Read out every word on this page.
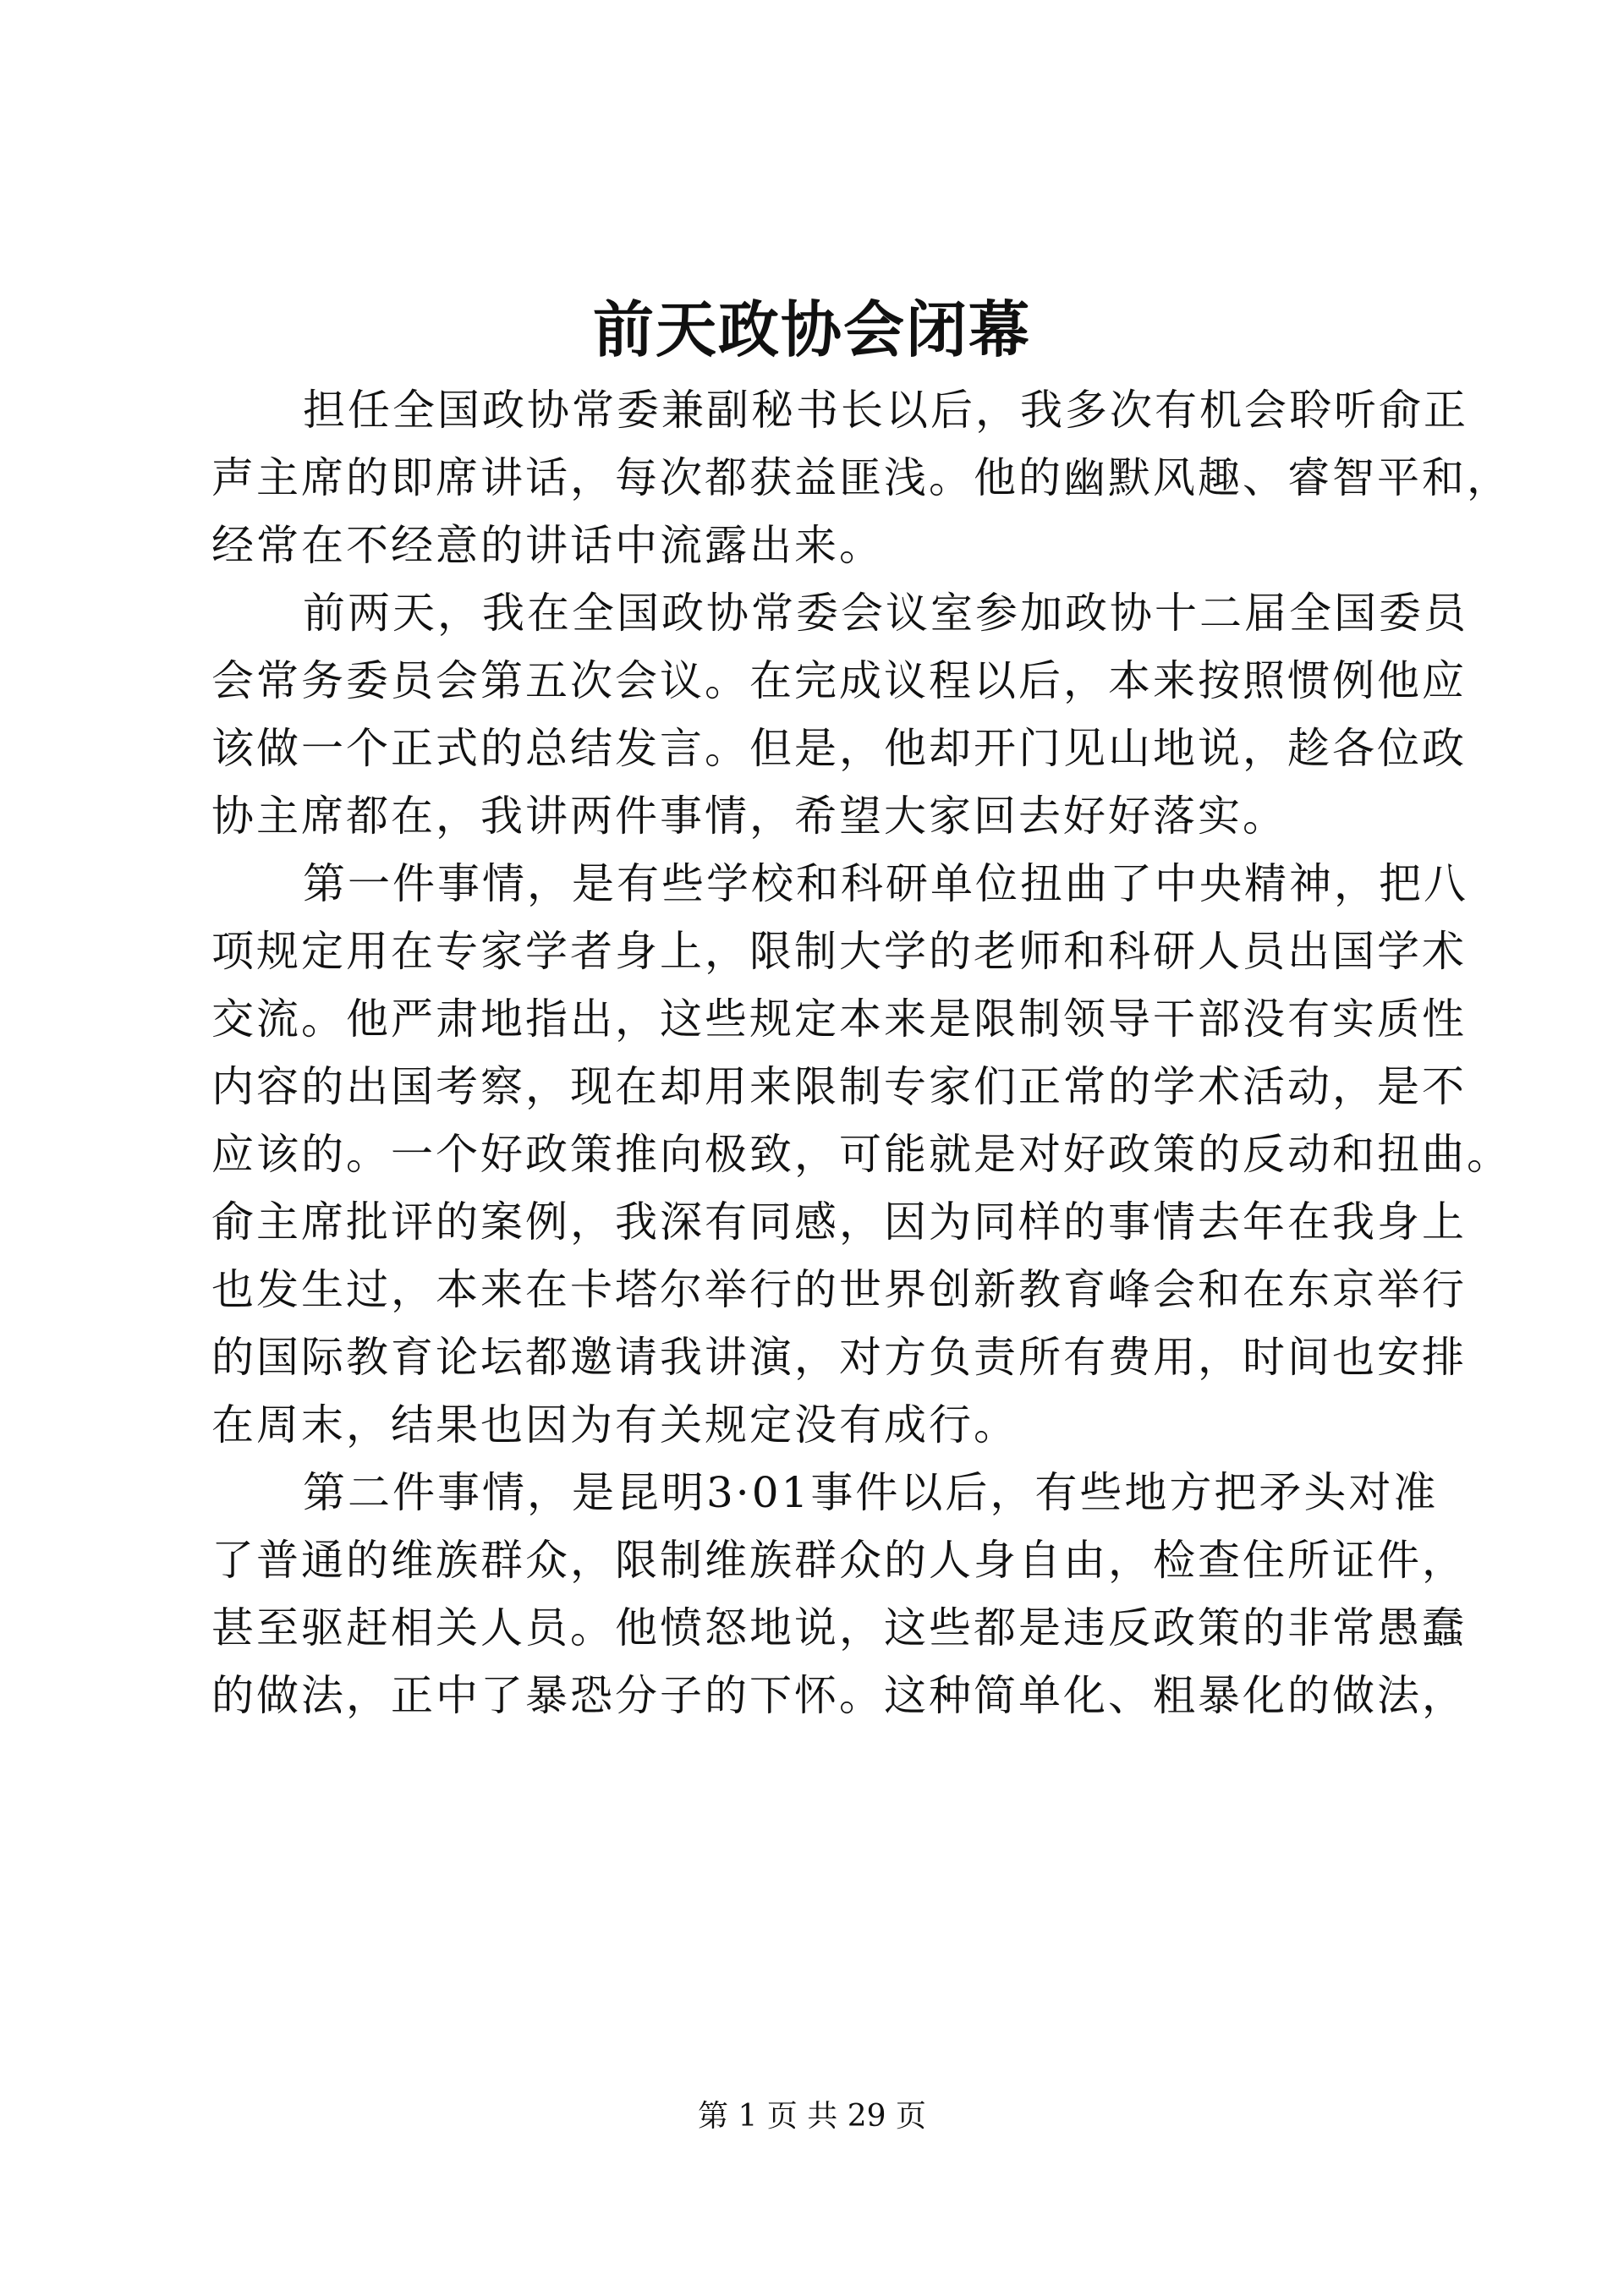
前天政协会闭幕
担任全国政协常委兼副秘书长以后，我多次有机会聆听俞正
声主席的即席讲话，每次都获益匪浅。他的幽默风趣、睿智平和，
经常在不经意的讲话中流露出来。
前两天，我在全国政协常委会议室参加政协十二届全国委员
会常务委员会第五次会议。在完成议程以后，本来按照惯例他应
该做一个正式的总结发言。但是，他却开门见山地说，趁各位政
协主席都在，我讲两件事情，希望大家回去好好落实。
第一件事情，是有些学校和科研单位扭曲了中央精神，把八
项规定用在专家学者身上，限制大学的老师和科研人员出国学术
交流。他严肃地指出，这些规定本来是限制领导干部没有实质性
内容的出国考察，现在却用来限制专家们正常的学术活动，是不
应该的。一个好政策推向极致，可能就是对好政策的反动和扭曲。
俞主席批评的案例，我深有同感，因为同样的事情去年在我身上
也发生过，本来在卡塔尔举行的世界创新教育峰会和在东京举行
的国际教育论坛都邀请我讲演，对方负责所有费用，时间也安排
在周末，结果也因为有关规定没有成行。
第二件事情，是昆明3·01事件以后，有些地方把矛头对准
了普通的维族群众，限制维族群众的人身自由，检查住所证件，
甚至驱赶相关人员。他愤怒地说，这些都是违反政策的非常愚蠢
的做法，正中了暴恐分子的下怀。这种简单化、粗暴化的做法，
第 1 页 共 29 页
